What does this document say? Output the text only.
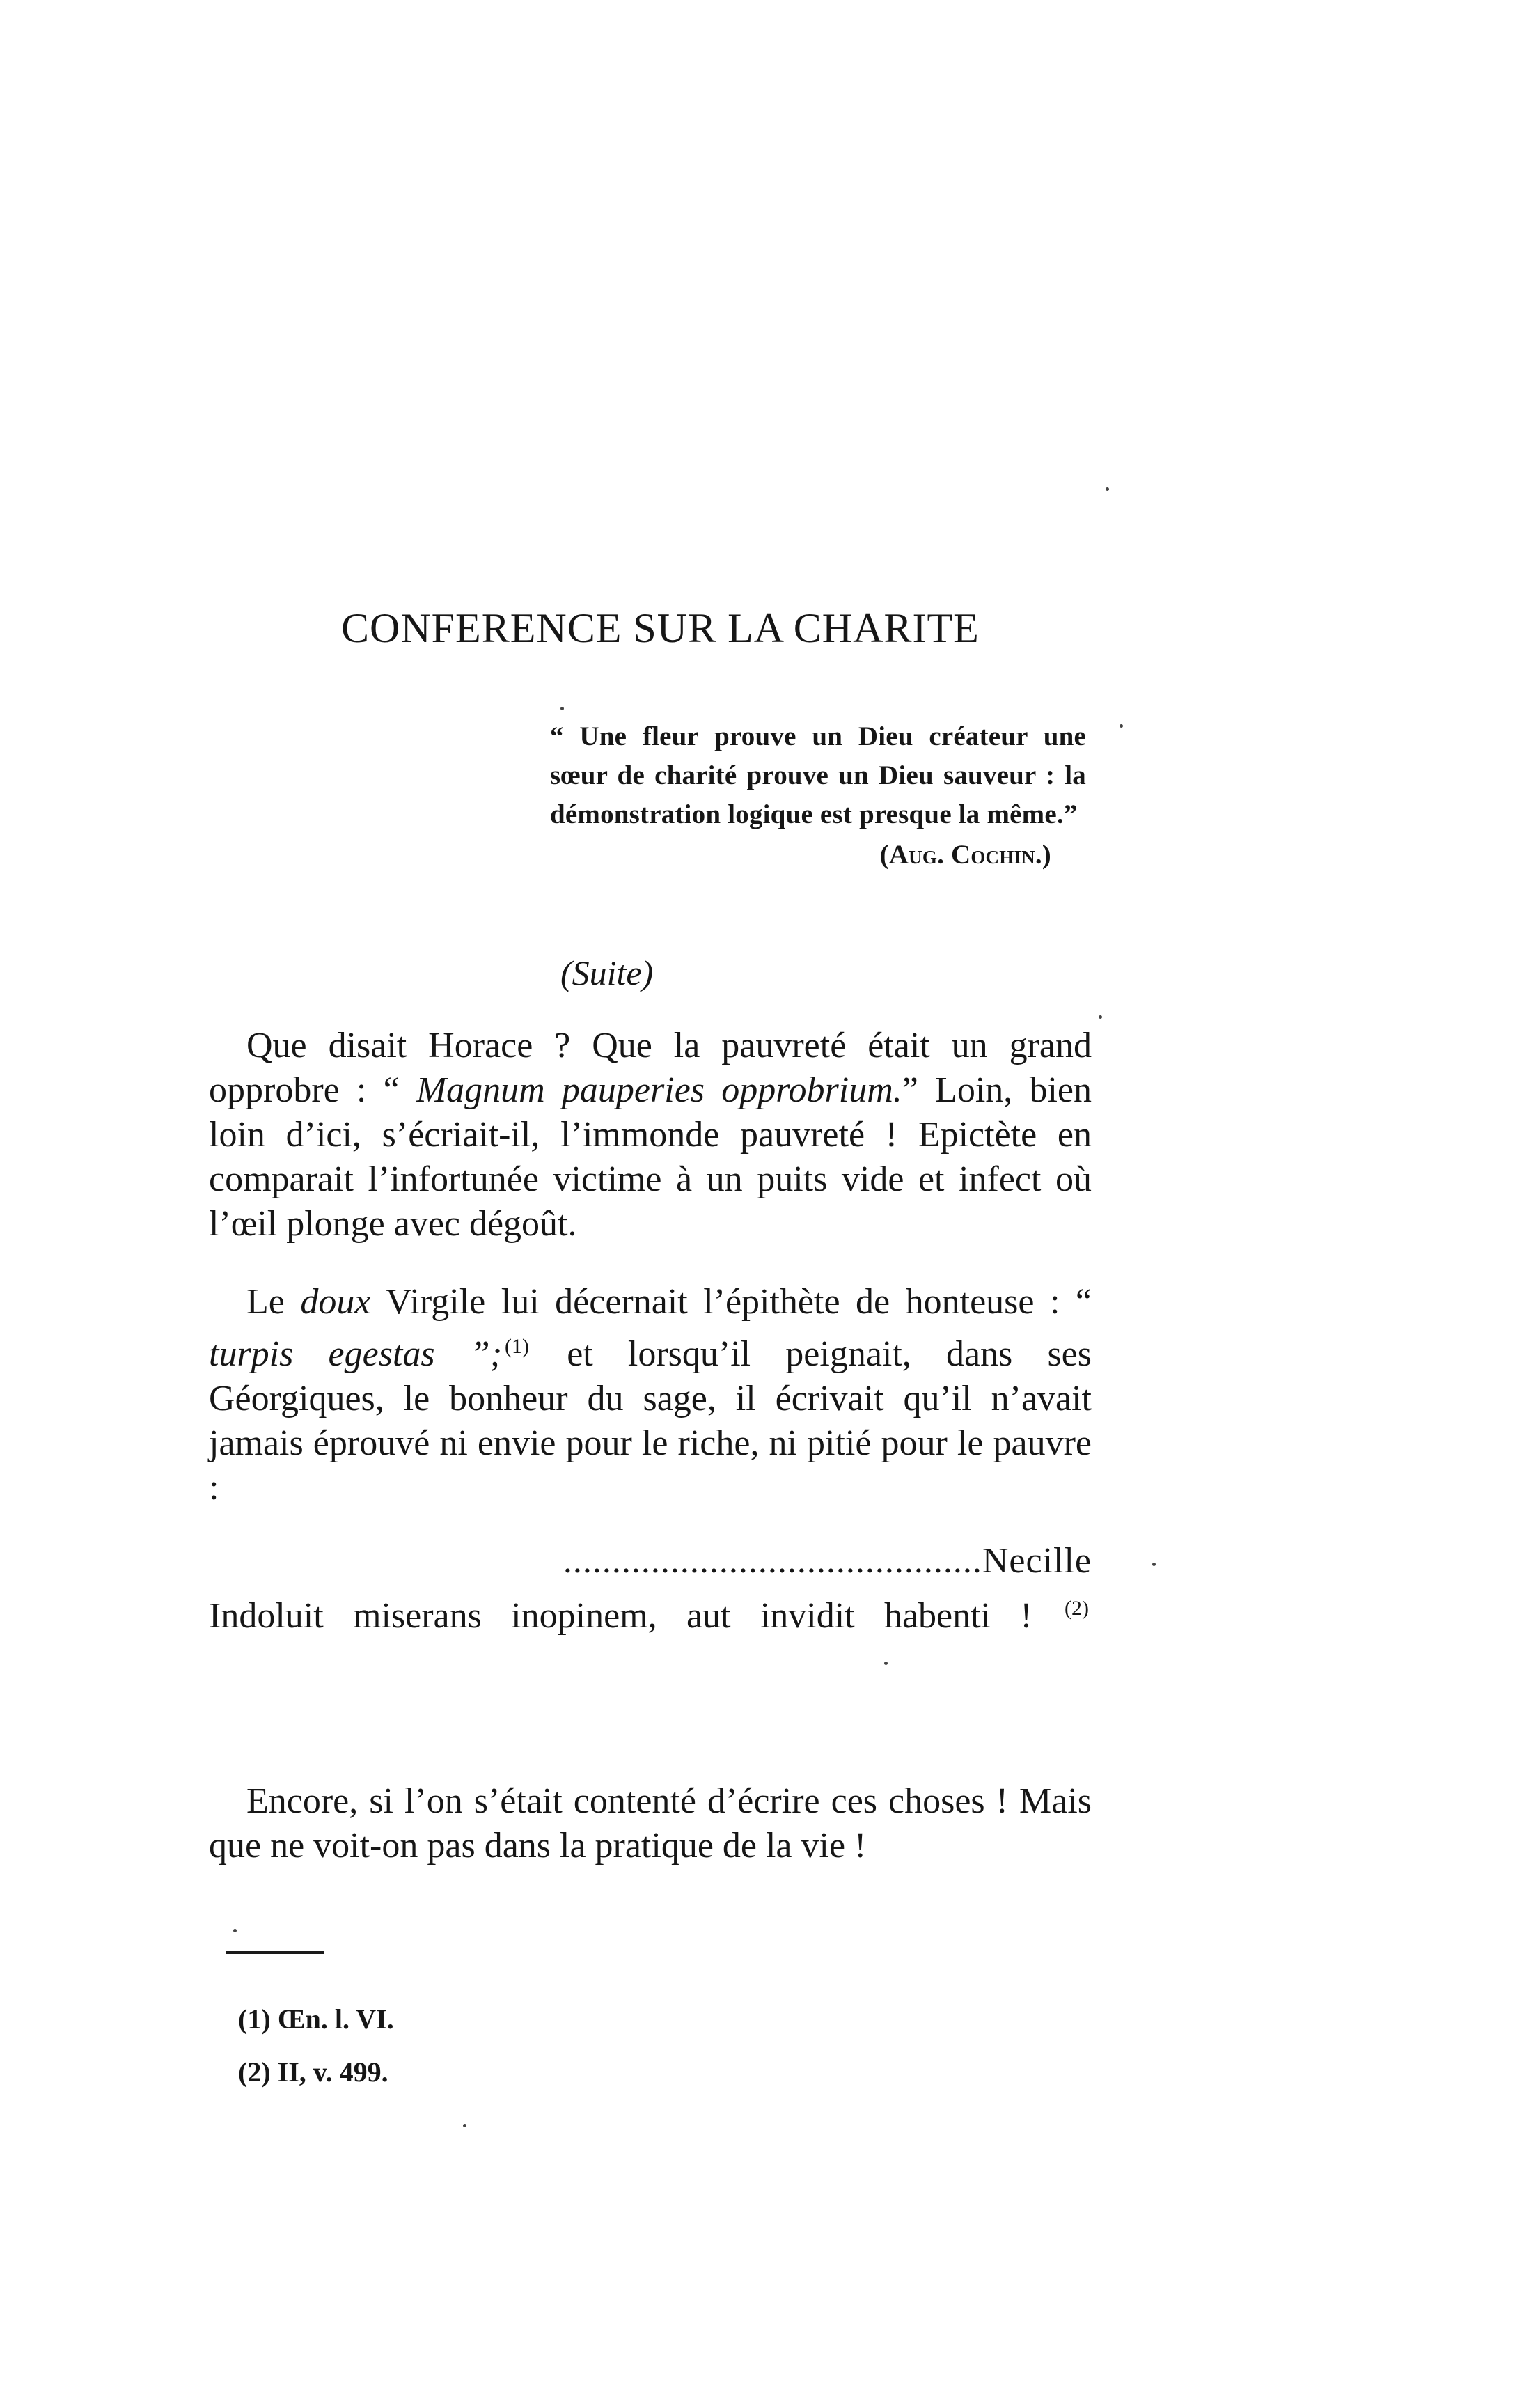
CONFERENCE SUR LA CHARITE
“ Une fleur prouve un Dieu créateur une sœur de charité prouve un Dieu sauveur : la démonstration logique est presque la même.”
(Aug. Cochin.)
(Suite)

Que disait Horace ? Que la pauvreté était un grand opprobre : “ Magnum pauperies opprobrium.” Loin, bien loin d’ici, s’écriait-il, l’immonde pauvreté ! Epictète en comparait l’infortunée victime à un puits vide et infect où l’œil plonge avec dégoût.

Le doux Virgile lui décernait l’épithète de honteuse : “ turpis egestas ”; $^{(1)}$ et lorsqu’il peignait, dans ses Géorgiques, le bonheur du sage, il écrivait qu’il n’avait jamais éprouvé ni envie pour le riche, ni pitié pour le pauvre :

...........................................Necille
Indoluit miserans inopinem, aut invidit habenti ! $^{(2)}$

Encore, si l’on s’était contenté d’écrire ces choses ! Mais que ne voit-on pas dans la pratique de la vie !

(1) Œn. l. VI.
(2) II, v. 499.
